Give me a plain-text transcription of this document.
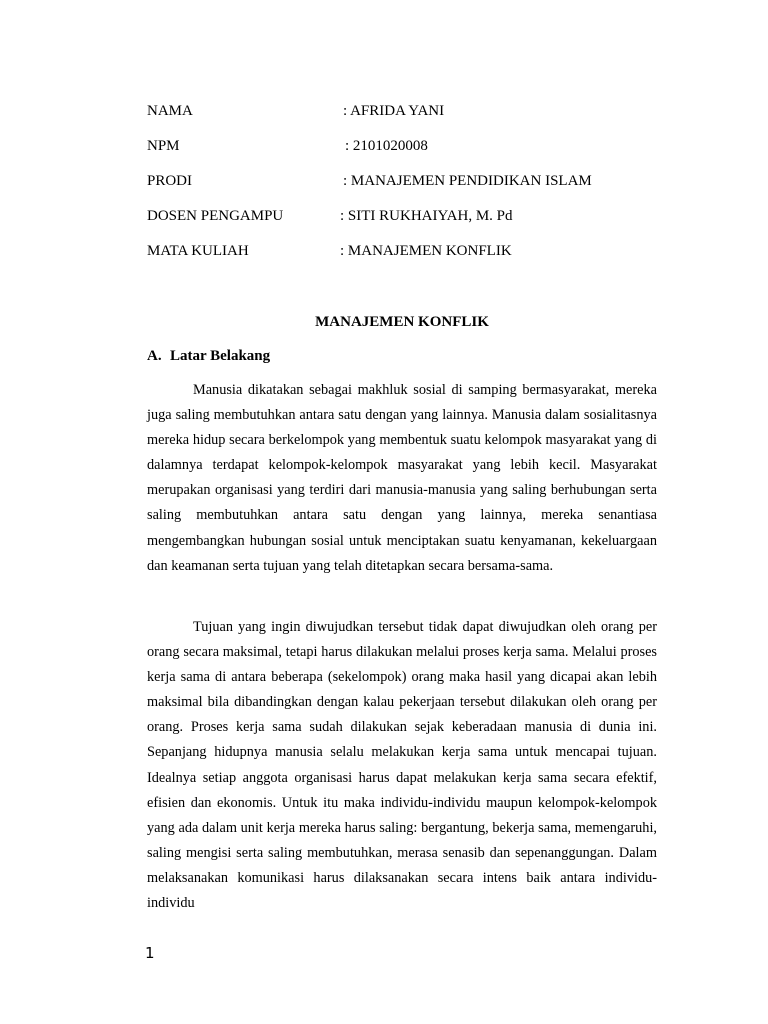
NAMA	: AFRIDA YANI
NPM	: 2101020008
PRODI	: MANAJEMEN PENDIDIKAN ISLAM
DOSEN PENGAMPU	: SITI RUKHAIYAH, M. Pd
MATA KULIAH	: MANAJEMEN KONFLIK
MANAJEMEN KONFLIK
A. Latar Belakang

Manusia dikatakan sebagai makhluk sosial di samping bermasyarakat, mereka juga saling membutuhkan antara satu dengan yang lainnya. Manusia dalam sosialitasnya mereka hidup secara berkelompok yang membentuk suatu kelompok masyarakat yang di dalamnya terdapat kelompok-kelompok masyarakat yang lebih kecil. Masyarakat merupakan organisasi yang terdiri dari manusia-manusia yang saling berhubungan serta saling membutuhkan antara satu dengan yang lainnya, mereka senantiasa mengembangkan hubungan sosial untuk menciptakan suatu kenyamanan, kekeluargaan dan keamanan serta tujuan yang telah ditetapkan secara bersama-sama.

Tujuan yang ingin diwujudkan tersebut tidak dapat diwujudkan oleh orang per orang secara maksimal, tetapi harus dilakukan melalui proses kerja sama. Melalui proses kerja sama di antara beberapa (sekelompok) orang maka hasil yang dicapai akan lebih maksimal bila dibandingkan dengan kalau pekerjaan tersebut dilakukan oleh orang per orang. Proses kerja sama sudah dilakukan sejak keberadaan manusia di dunia ini. Sepanjang hidupnya manusia selalu melakukan kerja sama untuk mencapai tujuan. Idealnya setiap anggota organisasi harus dapat melakukan kerja sama secara efektif, efisien dan ekonomis. Untuk itu maka individu-individu maupun kelompok-kelompok yang ada dalam unit kerja mereka harus saling: bergantung, bekerja sama, memengaruhi, saling mengisi serta saling membutuhkan, merasa senasib dan sepenanggungan. Dalam melaksanakan komunikasi harus dilaksanakan secara intens baik antara individu-individu

1
